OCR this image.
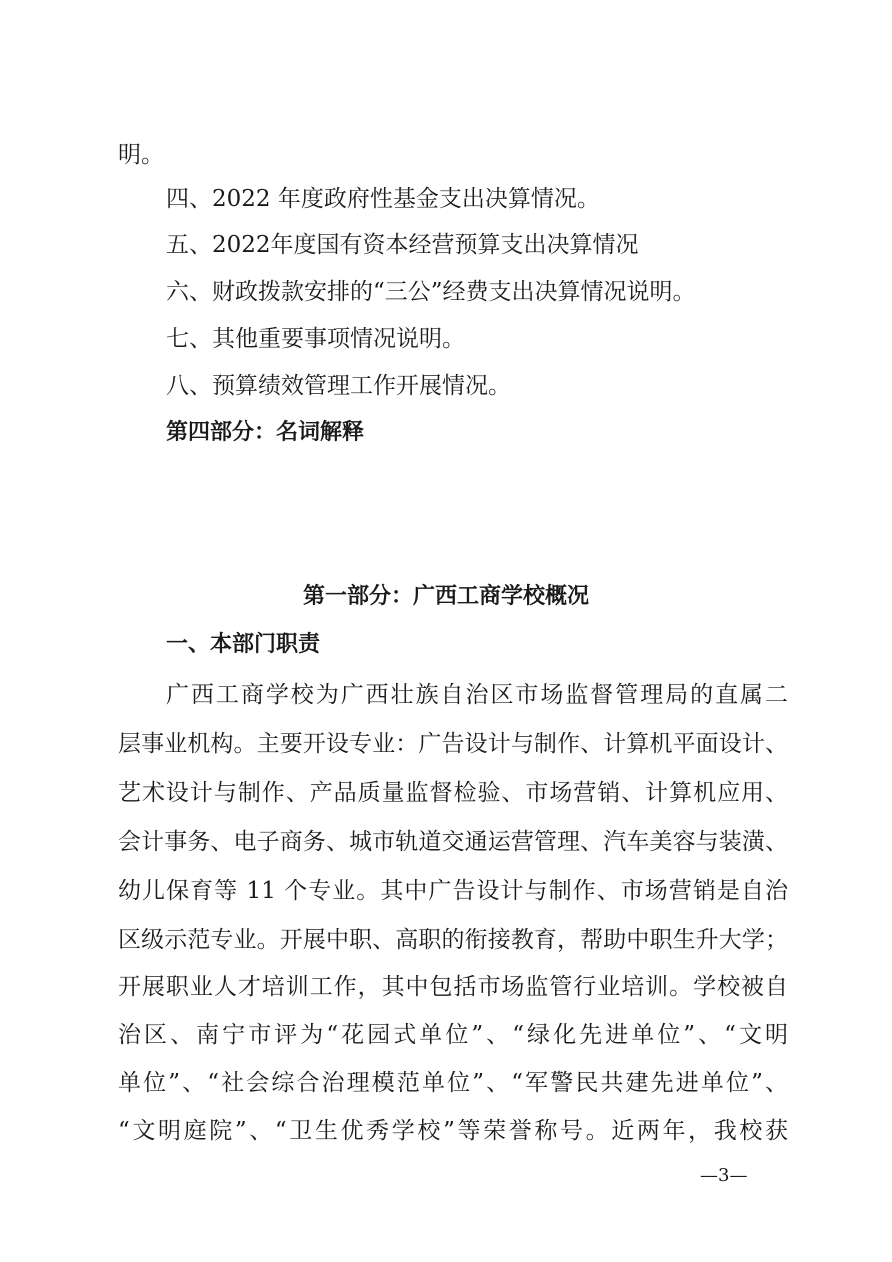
明。
四、2022 年度政府性基金支出决算情况。
五、2022年度国有资本经营预算支出决算情况
六、财政拨款安排的“三公”经费支出决算情况说明。
七、其他重要事项情况说明。
八、预算绩效管理工作开展情况。
第四部分：名词解释
第一部分：广西工商学校概况
一、本部门职责
广西工商学校为广西壮族自治区市场监督管理局的直属二
层事业机构。主要开设专业：广告设计与制作、计算机平面设计、
艺术设计与制作、产品质量监督检验、市场营销、计算机应用、
会计事务、电子商务、城市轨道交通运营管理、汽车美容与装潢、
幼儿保育等 11 个专业。其中广告设计与制作、市场营销是自治
区级示范专业。开展中职、高职的衔接教育，帮助中职生升大学；
开展职业人才培训工作，其中包括市场监管行业培训。学校被自
治区、南宁市评为“花园式单位”、“绿化先进单位”、“文明
单位”、“社会综合治理模范单位”、“军警民共建先进单位”、
“文明庭院”、“卫生优秀学校”等荣誉称号。近两年，我校获
—3—
